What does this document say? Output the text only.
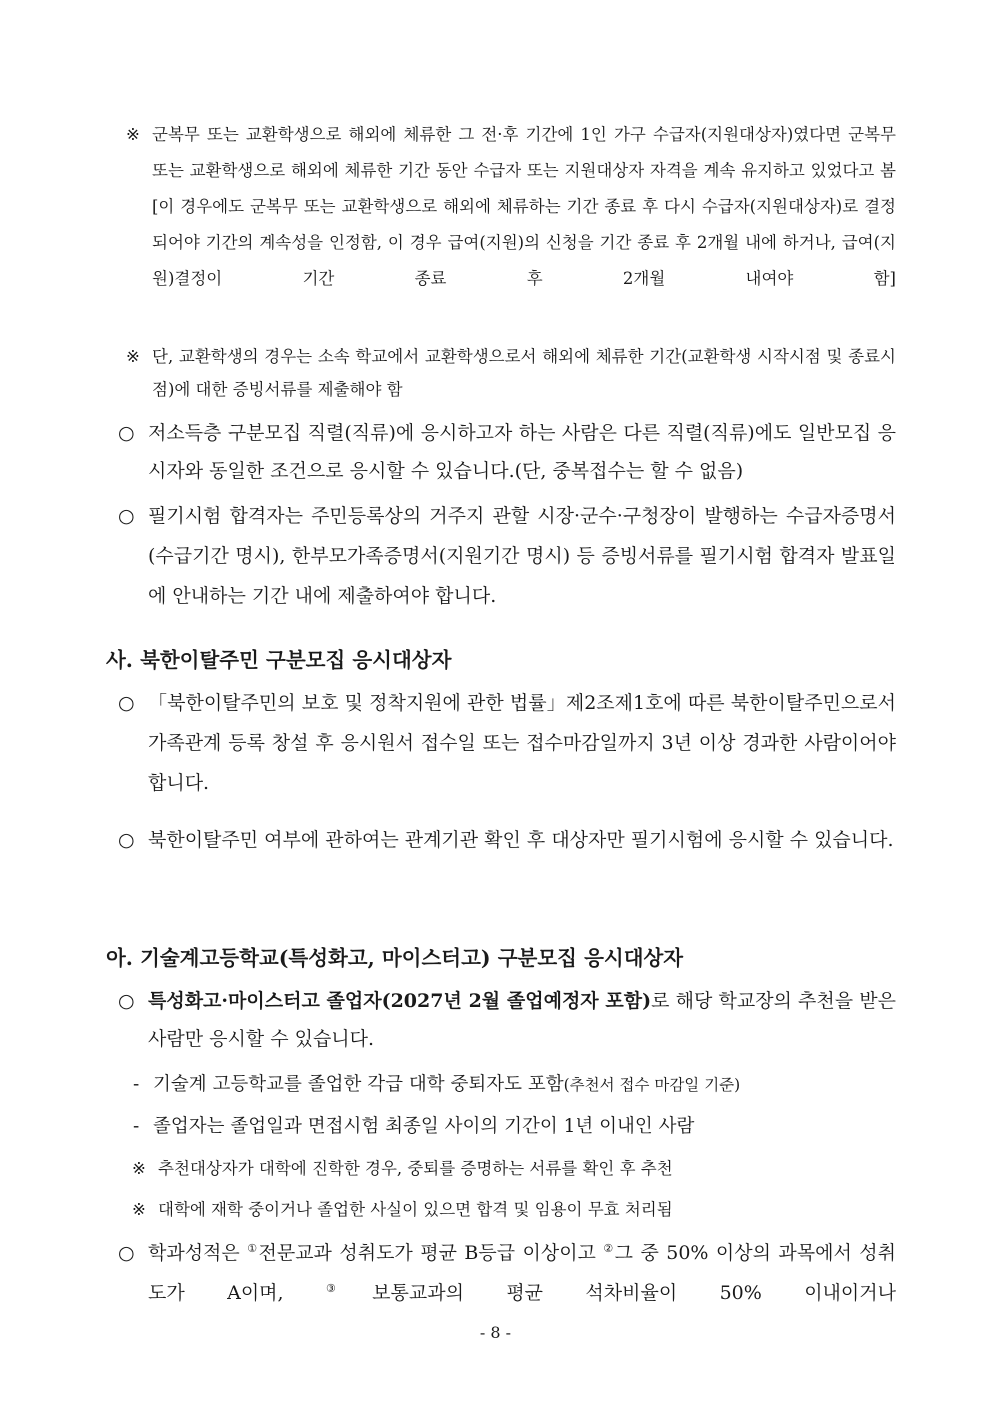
※ 군복무 또는 교환학생으로 해외에 체류한 그 전·후 기간에 1인 가구 수급자(지원대상자)였다면 군복무 또는 교환학생으로 해외에 체류한 기간 동안 수급자 또는 지원대상자 자격을 계속 유지하고 있었다고 봄[이 경우에도 군복무 또는 교환학생으로 해외에 체류하는 기간 종료 후 다시 수급자(지원대상자)로 결정되어야 기간의 계속성을 인정함, 이 경우 급여(지원)의 신청을 기간 종료 후 2개월 내에 하거나, 급여(지원)결정이 기간 종료 후 2개월 내여야 함]
※ 단, 교환학생의 경우는 소속 학교에서 교환학생으로서 해외에 체류한 기간(교환학생 시작시점 및 종료시점)에 대한 증빙서류를 제출해야 함
○ 저소득층 구분모집 직렬(직류)에 응시하고자 하는 사람은 다른 직렬(직류)에도 일반모집 응시자와 동일한 조건으로 응시할 수 있습니다.(단, 중복접수는 할 수 없음)
○ 필기시험 합격자는 주민등록상의 거주지 관할 시장·군수·구청장이 발행하는 수급자증명서(수급기간 명시), 한부모가족증명서(지원기간 명시) 등 증빙서류를 필기시험 합격자 발표일에 안내하는 기간 내에 제출하여야 합니다.
사. 북한이탈주민 구분모집 응시대상자
○ 「북한이탈주민의 보호 및 정착지원에 관한 법률」제2조제1호에 따른 북한이탈주민으로서 가족관계 등록 창설 후 응시원서 접수일 또는 접수마감일까지 3년 이상 경과한 사람이어야 합니다.
○ 북한이탈주민 여부에 관하여는 관계기관 확인 후 대상자만 필기시험에 응시할 수 있습니다.
아. 기술계고등학교(특성화고, 마이스터고) 구분모집 응시대상자
○ 특성화고·마이스터고 졸업자(2027년 2월 졸업예정자 포함)로 해당 학교장의 추천을 받은 사람만 응시할 수 있습니다.
- 기술계 고등학교를 졸업한 각급 대학 중퇴자도 포함(추천서 접수 마감일 기준)
- 졸업자는 졸업일과 면접시험 최종일 사이의 기간이 1년 이내인 사람
※ 추천대상자가 대학에 진학한 경우, 중퇴를 증명하는 서류를 확인 후 추천
※ 대학에 재학 중이거나 졸업한 사실이 있으면 합격 및 임용이 무효 처리됨
○ 학과성적은 ①전문교과 성취도가 평균 B등급 이상이고 ②그 중 50% 이상의 과목에서 성취도가 A이며, ③보통교과의 평균 석차비율이 50% 이내이거나
- 8 -
